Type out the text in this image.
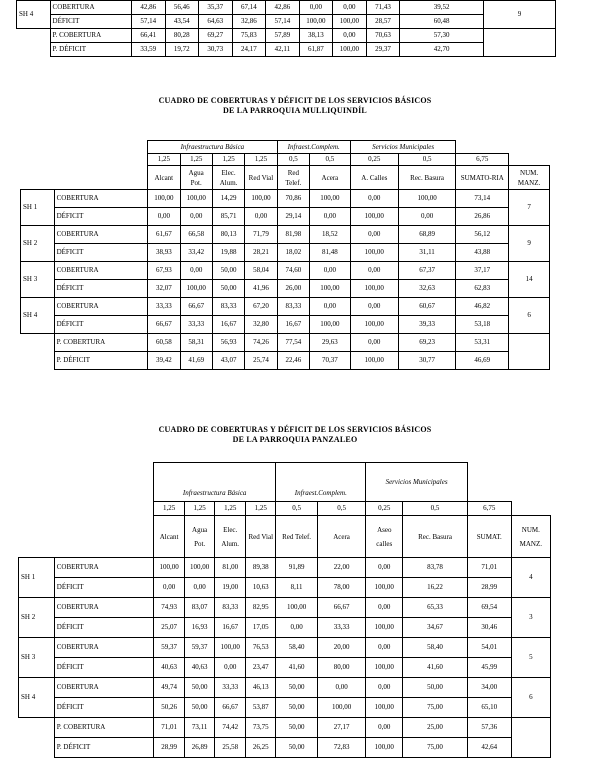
SH 4	COBERTURA	42,86	56,46	35,37	67,14	42,86	0,00	0,00	71,43	39,52	9
	DÉFICIT	57,14	43,54	64,63	32,86	57,14	100,00	100,00	28,57	60,48	
	P. COBERTURA	66,41	80,28	69,27	75,83	57,89	38,13	0,00	70,63	57,30	
	P. DÉFICIT	33,59	19,72	30,73	24,17	42,11	61,87	100,00	29,37	42,70	
CUADRO DE COBERTURAS Y DÉFICIT DE LOS SERVICIOS BÁSICOS
DE LA PARROQUIA MULLIQUINDÍL
		Infraestructura Básica				Infraest.Complem.		Servicios Municipales			
		1,25	1,25	1,25	1,25	0,5	0,5	0,25	0,5	6,75	
		Alcant	Agua Pot.	Elec. Alum.	Red Vial	Red Telef.	Acera	A. Calles	Rec. Basura	SUMATO-RIA	NUM. MANZ.
SH 1	COBERTURA	100,00	100,00	14,29	100,00	70,86	100,00	0,00	100,00	73,14	7
	DÉFICIT	0,00	0,00	85,71	0,00	29,14	0,00	100,00	0,00	26,86	
SH 2	COBERTURA	61,67	66,58	80,13	71,79	81,98	18,52	0,00	68,89	56,12	9
	DÉFICIT	38,93	33,42	19,88	28,21	18,02	81,48	100,00	31,11	43,88	
SH 3	COBERTURA	67,93	0,00	50,00	58,04	74,60	0,00	0,00	67,37	37,17	14
	DÉFICIT	32,07	100,00	50,00	41,96	26,00	100,00	100,00	32,63	62,83	
SH 4	COBERTURA	33,33	66,67	83,33	67,20	83,33	0,00	0,00	60,67	46,82	6
	DÉFICIT	66,67	33,33	16,67	32,80	16,67	100,00	100,00	39,33	53,18	
	P. COBERTURA	60,58	58,31	56,93	74,26	77,54	29,63	0,00	69,23	53,31	
	P. DÉFICIT	39,42	41,69	43,07	25,74	22,46	70,37	100,00	30,77	46,69	
CUADRO DE COBERTURAS Y DÉFICIT DE LOS SERVICIOS BÁSICOS
DE LA PARROQUIA PANZALEO
		Infraestructura Básica				Infraest.Complem.		Servicios Municipales			
		1,25	1,25	1,25	1,25	0,5	0,5	0,25	0,5	6,75	
		Alcant	Agua Pot.	Elec. Alum.	Red Vial	Red Telef.	Acera	Aseo calles	Rec. Basura	SUMAT.	NUM. MANZ.
SH 1	COBERTURA	100,00	100,00	81,00	89,38	91,89	22,00	0,00	83,78	71,01	4
	DÉFICIT	0,00	0,00	19,00	10,63	8,11	78,00	100,00	16,22	28,99	
SH 2	COBERTURA	74,93	83,07	83,33	82,95	100,00	66,67	0,00	65,33	69,54	3
	DÉFICIT	25,07	16,93	16,67	17,05	0,00	33,33	100,00	34,67	30,46	
SH 3	COBERTURA	59,37	59,37	100,00	76,53	58,40	20,00	0,00	58,40	54,01	5
	DÉFICIT	40,63	40,63	0,00	23,47	41,60	80,00	100,00	41,60	45,99	
SH 4	COBERTURA	49,74	50,00	33,33	46,13	50,00	0,00	0,00	50,00	34,00	6
	DÉFICIT	50,26	50,00	66,67	53,87	50,00	100,00	100,00	75,00	65,10	
	P. COBERTURA	71,01	73,11	74,42	73,75	50,00	27,17	0,00	25,00	57,36	
	P. DÉFICIT	28,99	26,89	25,58	26,25	50,00	72,83	100,00	75,00	42,64	
